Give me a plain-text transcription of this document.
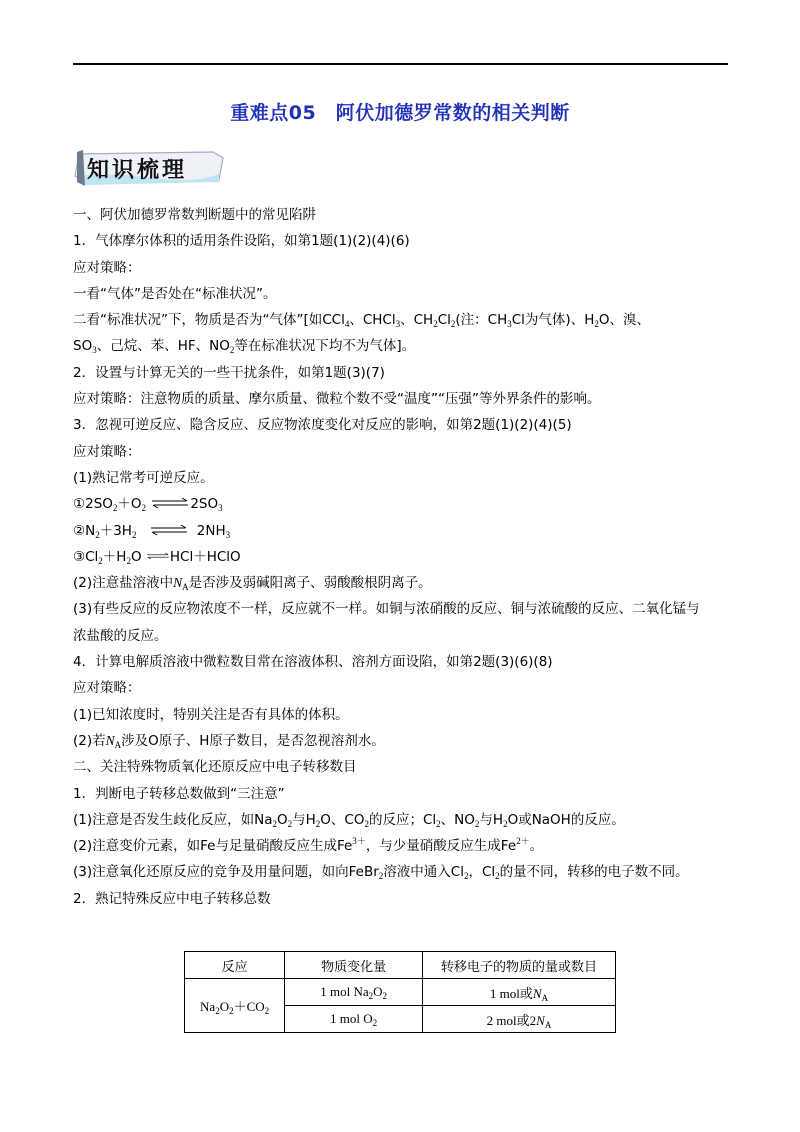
重难点05　阿伏加德罗常数的相关判断
知识梳理
一、阿伏加德罗常数判断题中的常见陷阱
1．气体摩尔体积的适用条件设陷，如第1题(1)(2)(4)(6)
应对策略：
一看“气体”是否处在“标准状况”。
二看“标准状况”下，物质是否为“气体”[如CCl$_4$、CHCl$_3$、$CH_2Cl_2$(注：$CH_3Cl$为气体)、$H_2O$、溴、
$SO_3$、己烷、苯、HF、$NO_2$等在标准状况下均不为气体]。
2．设置与计算无关的一些干扰条件，如第1题(3)(7)
应对策略：注意物质的质量、摩尔质量、微粒个数不受“温度”“压强”等外界条件的影响。
3．忽视可逆反应、隐含反应、反应物浓度变化对反应的影响，如第2题(1)(2)(4)(5)
应对策略：
(1)熟记常考可逆反应。
$①2SO_2+O_2$ $\rightleftharpoons 2SO_3$
$②N_2+3H_2$	$2NH_3$
$③Cl_2+H_2O$ ⇌HCl＋HClO
(2)注意盐溶液中$N_A$是否涉及弱碱阳离子、弱酸酸根阴离子。
(3)有些反应的反应物浓度不一样，反应就不一样。如铜与浓硝酸的反应、铜与浓硫酸的反应、二氧化锰与
浓盐酸的反应。
4．计算电解质溶液中微粒数目常在溶液体积、溶剂方面设陷，如第2题(3)(6)(8)
应对策略：
(1)已知浓度时，特别关注是否有具体的体积。
(2)若$N_A$涉及O原子、H原子数目，是否忽视溶剂水。
二、关注特殊物质氧化还原反应中电子转移数目
1．判断电子转移总数做到“三注意”
(1)注意是否发生歧化反应，如$Na_2O_2$与$H_2O$、$CO_2$的反应；$Cl_2$、$NO_2$与$H_2O$或NaOH的反应。
(2)注意变价元素，如Fe与足量硝酸反应生成$Fe^{3+}$，与少量硝酸反应生成$Fe^{2+}$。
(3)注意氧化还原反应的竞争及用量问题，如向FeBr$_2$溶液中通入$Cl_2$，$Cl_2$的量不同，转移的电子数不同。
2．熟记特殊反应中电子转移总数
反应	物质变化量	转移电子的物质的量或数目
$Na_2O_2+CO_2$	1 mol $Na_2O_2$	1 mol或$N_A$
	1 mol $O_2$	2 mol或$2N_A$
